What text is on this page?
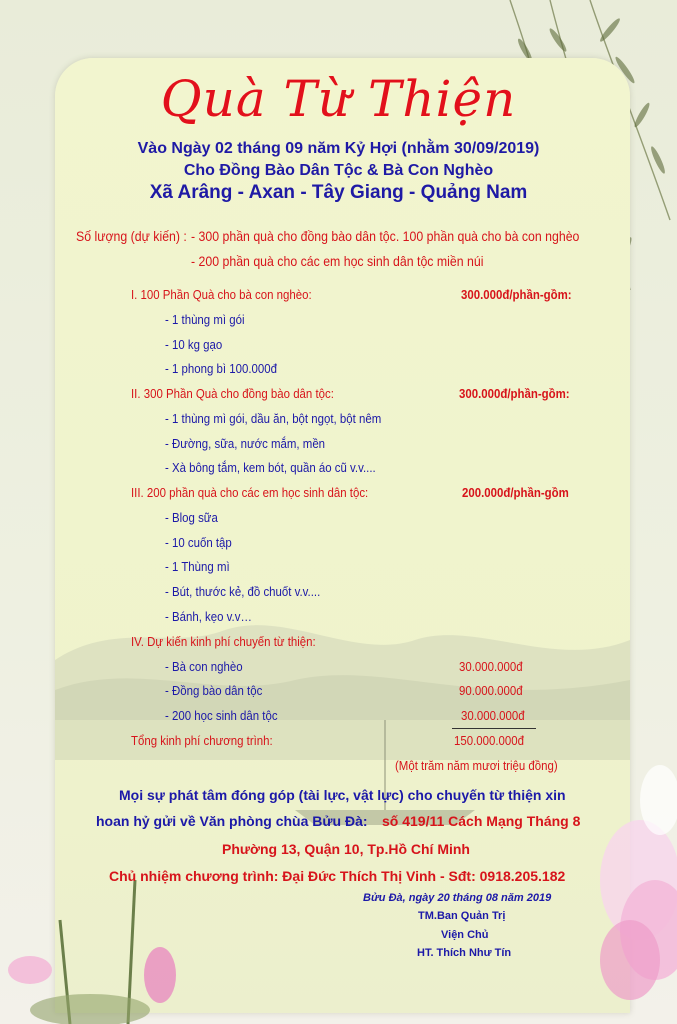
Quà Từ Thiện
Vào Ngày 02 tháng 09 năm Kỷ Hợi (nhằm 30/09/2019)
Cho Đồng Bào Dân Tộc & Bà Con Nghèo
Xã Arâng - Axan - Tây Giang - Quảng Nam
Số lượng (dự kiến) : - 300 phần quà cho đồng bào dân tộc. 100 phần quà cho bà con nghèo
- 200 phần quà cho các em học sinh dân tộc miền núi
I. 100 Phần Quà cho bà con nghèo:	300.000đ/phần-gồm:
- 1 thùng mì gói
- 10 kg gạo
- 1 phong bì 100.000đ
II. 300 Phần Quà cho đồng bào dân tộc:	300.000đ/phần-gồm:
- 1 thùng mì gói, dầu ăn, bột ngọt, bột nêm
- Đường, sữa, nước mắm, mền
- Xà bông tắm, kem bót, quần áo cũ v.v....
III. 200 phần quà cho các em học sinh dân tộc:	200.000đ/phần-gồm
- Blog sữa
- 10 cuốn tập
- 1 Thùng mì
- Bút, thước kẻ, đồ chuốt v.v....
- Bánh, kẹo v.v…
IV. Dự kiến kinh phí chuyến từ thiện:
- Bà con nghèo	30.000.000đ
- Đồng bào dân tộc	90.000.000đ
- 200 học sinh dân tộc	30.000.000đ
Tổng kinh phí chương trình:	150.000.000đ
(Một trăm năm mươi triệu đồng)
Mọi sự phát tâm đóng góp (tài lực, vật lực) cho chuyến từ thiện xin
hoan hỷ gửi về Văn phòng chùa Bửu Đà: số 419/11 Cách Mạng Tháng 8
Phường 13, Quận 10, Tp.Hồ Chí Minh
Chủ nhiệm chương trình: Đại Đức Thích Thị Vinh - Sđt: 0918.205.182
Bửu Đà, ngày 20 tháng 08 năm 2019
TM.Ban Quản Trị
Viện Chủ
HT. Thích Như Tín
